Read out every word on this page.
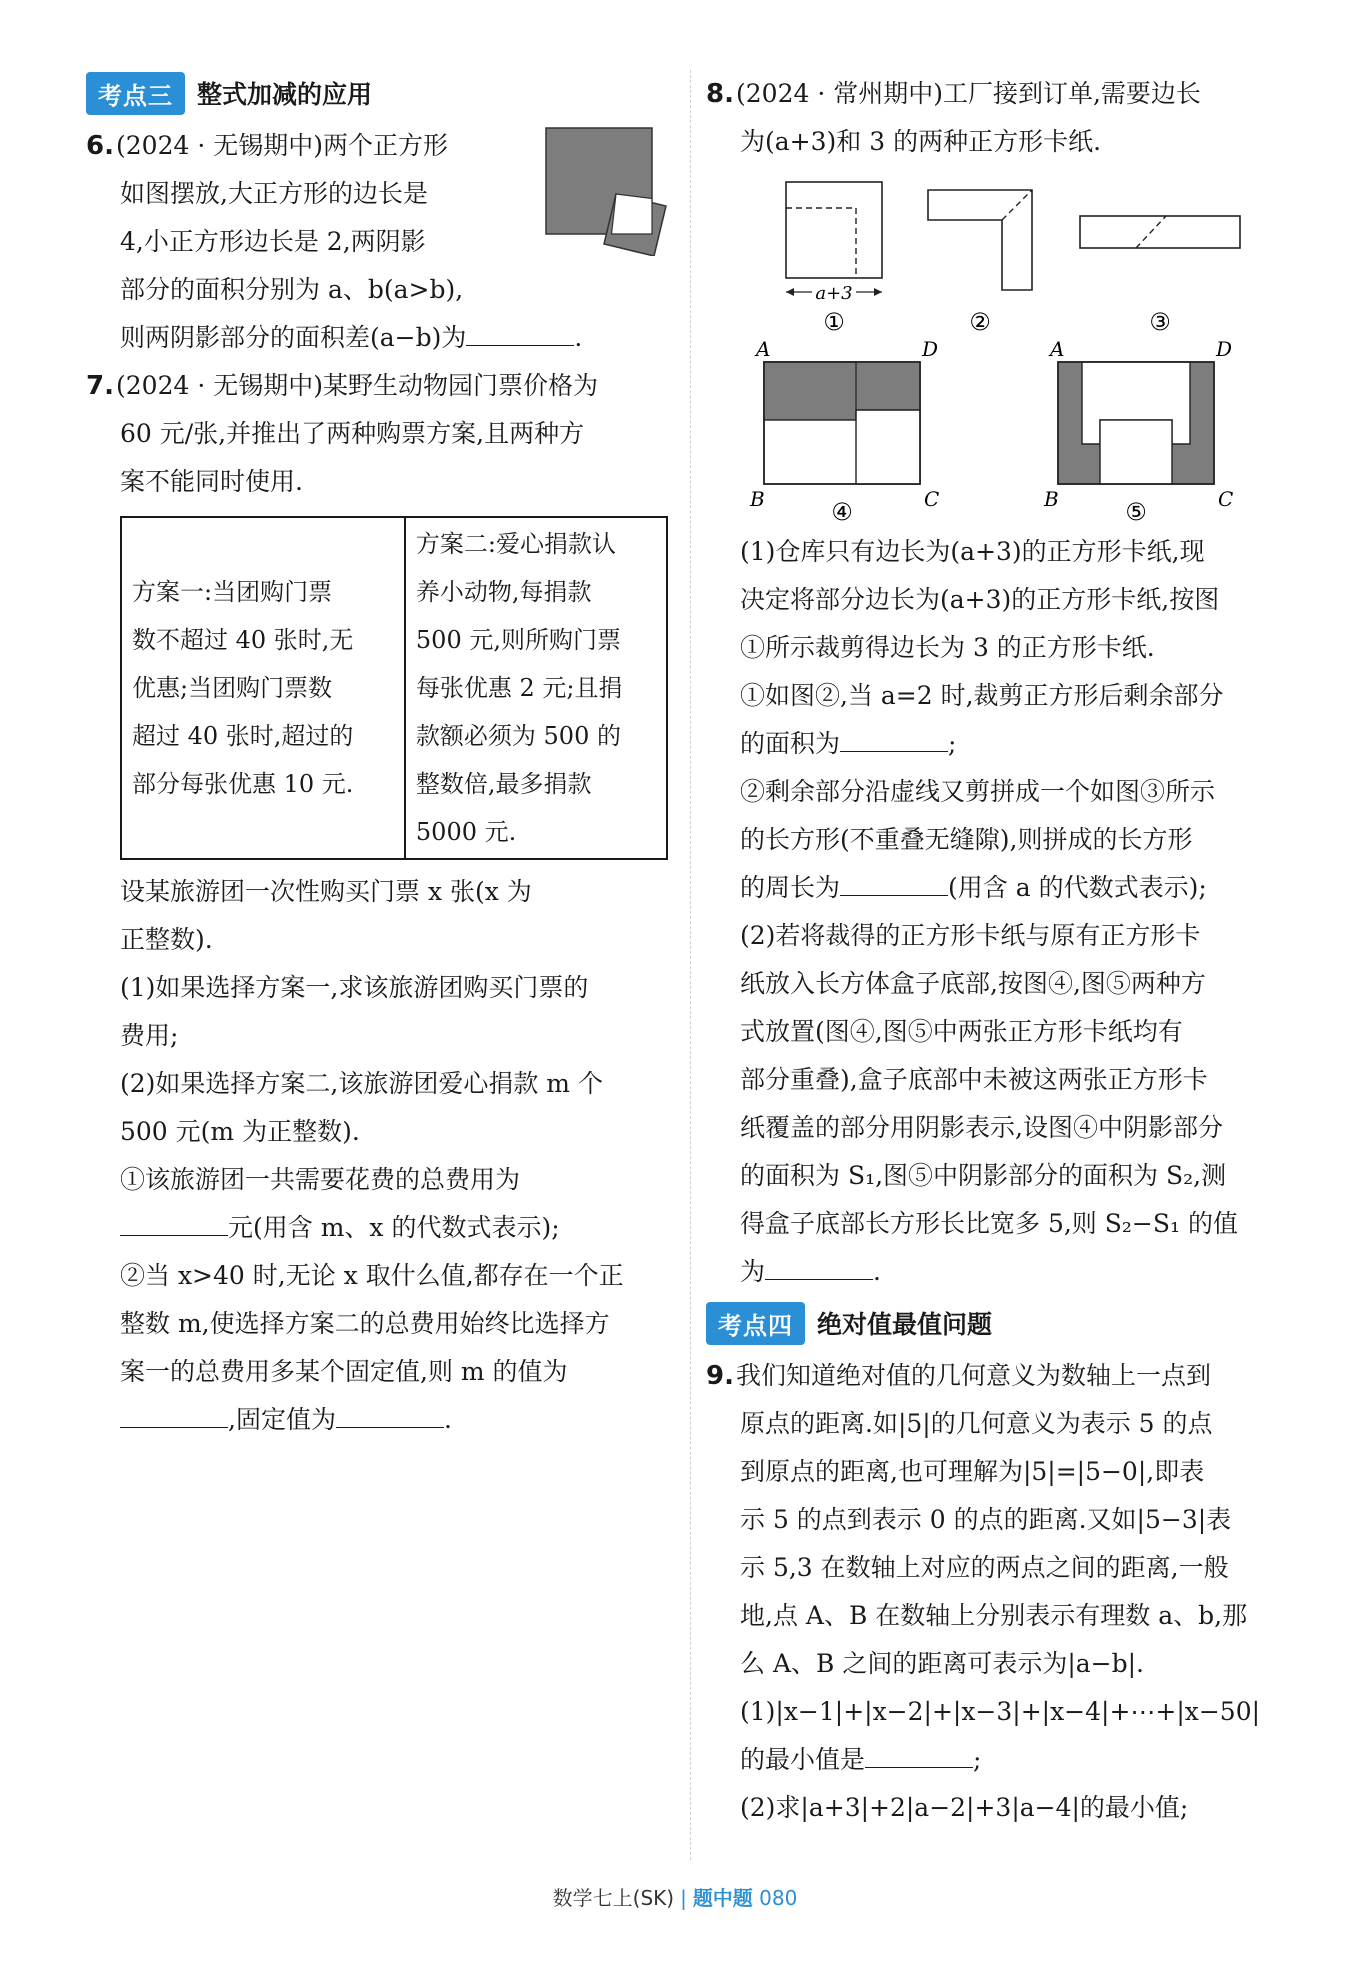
考点三 整式加减的应用
6.(2024 · 无锡期中)两个正方形
如图摆放,大正方形的边长是
4,小正方形边长是 2,两阴影
部分的面积分别为 a、b(a>b),
则两阴影部分的面积差(a−b)为	.
7.(2024 · 无锡期中)某野生动物园门票价格为
60 元/张,并推出了两种购票方案,且两种方
案不能同时使用.
方案一:当团购门票
数不超过 40 张时,无
优惠;当团购门票数
超过 40 张时,超过的
部分每张优惠 10 元.

方案二:爱心捐款认
养小动物,每捐款
500 元,则所购门票
每张优惠 2 元;且捐
款额必须为 500 的
整数倍,最多捐款
5000 元.
设某旅游团一次性购买门票 x 张(x 为
正整数).
(1)如果选择方案一,求该旅游团购买门票的
费用;
(2)如果选择方案二,该旅游团爱心捐款 m 个
500 元(m 为正整数).
①该旅游团一共需要花费的总费用为
元(用含 m、x 的代数式表示);
②当 x>40 时,无论 x 取什么值,都存在一个正
整数 m,使选择方案二的总费用始终比选择方
案一的总费用多某个固定值,则 m 的值为
,固定值为	.
8.(2024 · 常州期中)工厂接到订单,需要边长
为(a+3)和 3 的两种正方形卡纸.
a+3
①	②	③
A	D
B	C
④
A	D
B	C
⑤
(1)仓库只有边长为(a+3)的正方形卡纸,现
决定将部分边长为(a+3)的正方形卡纸,按图
①所示裁剪得边长为 3 的正方形卡纸.
①如图②,当 a=2 时,裁剪正方形后剩余部分
的面积为	;
②剩余部分沿虚线又剪拼成一个如图③所示
的长方形(不重叠无缝隙),则拼成的长方形
的周长为	(用含 a 的代数式表示);
(2)若将裁得的正方形卡纸与原有正方形卡
纸放入长方体盒子底部,按图④,图⑤两种方
式放置(图④,图⑤中两张正方形卡纸均有
部分重叠),盒子底部中未被这两张正方形卡
纸覆盖的部分用阴影表示,设图④中阴影部分
的面积为 S₁,图⑤中阴影部分的面积为 S₂,测
得盒子底部长方形长比宽多 5,则 S₂−S₁ 的值
为	.
考点四 绝对值最值问题
9.我们知道绝对值的几何意义为数轴上一点到
原点的距离.如|5|的几何意义为表示 5 的点
到原点的距离,也可理解为|5|=|5−0|,即表
示 5 的点到表示 0 的点的距离.又如|5−3|表
示 5,3 在数轴上对应的两点之间的距离,一般
地,点 A、B 在数轴上分别表示有理数 a、b,那
么 A、B 之间的距离可表示为|a−b|.
(1)|x−1|+|x−2|+|x−3|+|x−4|+⋯+|x−50|
的最小值是	;
(2)求|a+3|+2|a−2|+3|a−4|的最小值;
数学七上(SK) | 题中题 080
